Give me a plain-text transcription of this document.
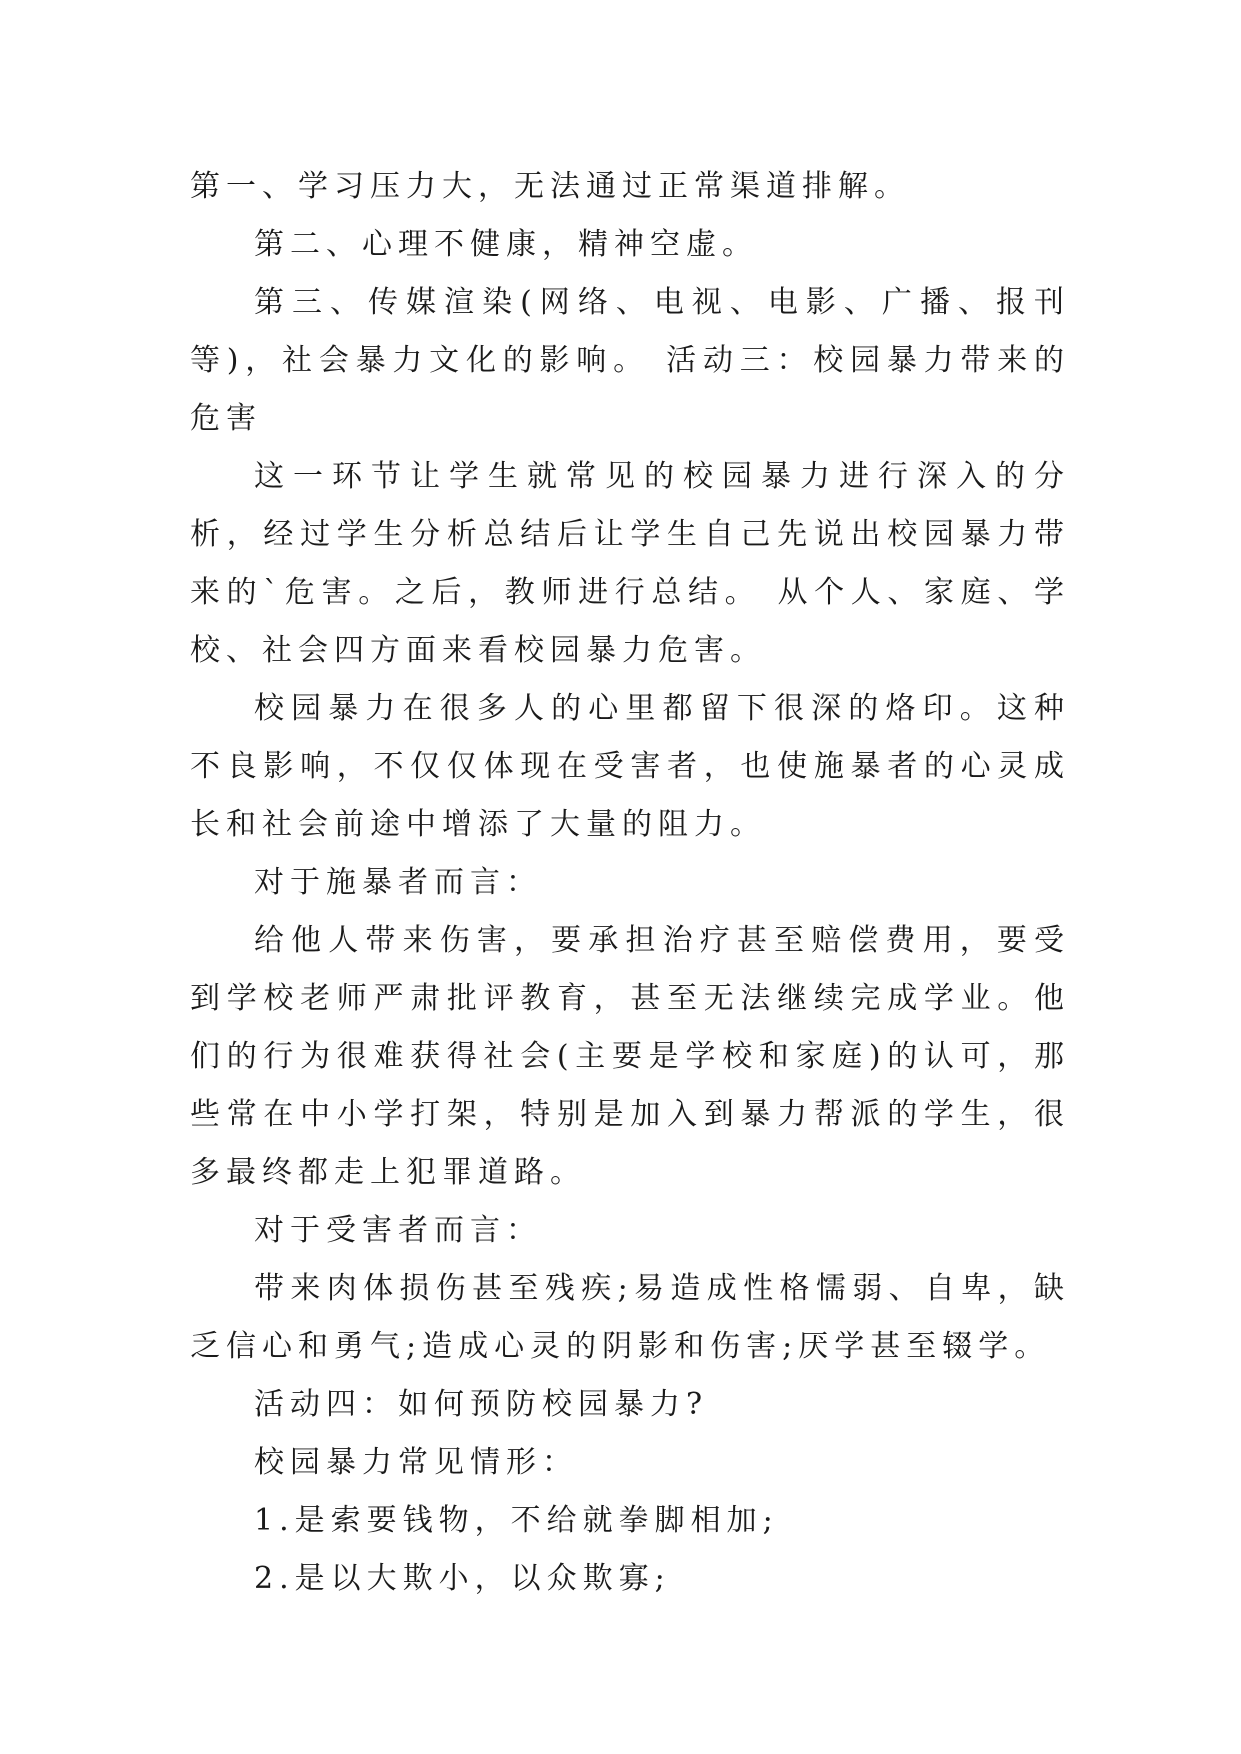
第一、学习压力大，无法通过正常渠道排解。

第二、心理不健康，精神空虚。

第三、传媒渲染(网络、电视、电影、广播、报刊等)，社会暴力文化的影响。 活动三：校园暴力带来的危害

这一环节让学生就常见的校园暴力进行深入的分析，经过学生分析总结后让学生自己先说出校园暴力带来的`危害。之后，教师进行总结。 从个人、家庭、学校、社会四方面来看校园暴力危害。

校园暴力在很多人的心里都留下很深的烙印。这种不良影响，不仅仅体现在受害者，也使施暴者的心灵成长和社会前途中增添了大量的阻力。

对于施暴者而言：

给他人带来伤害，要承担治疗甚至赔偿费用，要受到学校老师严肃批评教育，甚至无法继续完成学业。他们的行为很难获得社会(主要是学校和家庭)的认可，那些常在中小学打架，特别是加入到暴力帮派的学生，很多最终都走上犯罪道路。

对于受害者而言：

带来肉体损伤甚至残疾;易造成性格懦弱、自卑，缺乏信心和勇气;造成心灵的阴影和伤害;厌学甚至辍学。

活动四：如何预防校园暴力?

校园暴力常见情形：

1.是索要钱物，不给就拳脚相加;

2.是以大欺小，以众欺寡;
